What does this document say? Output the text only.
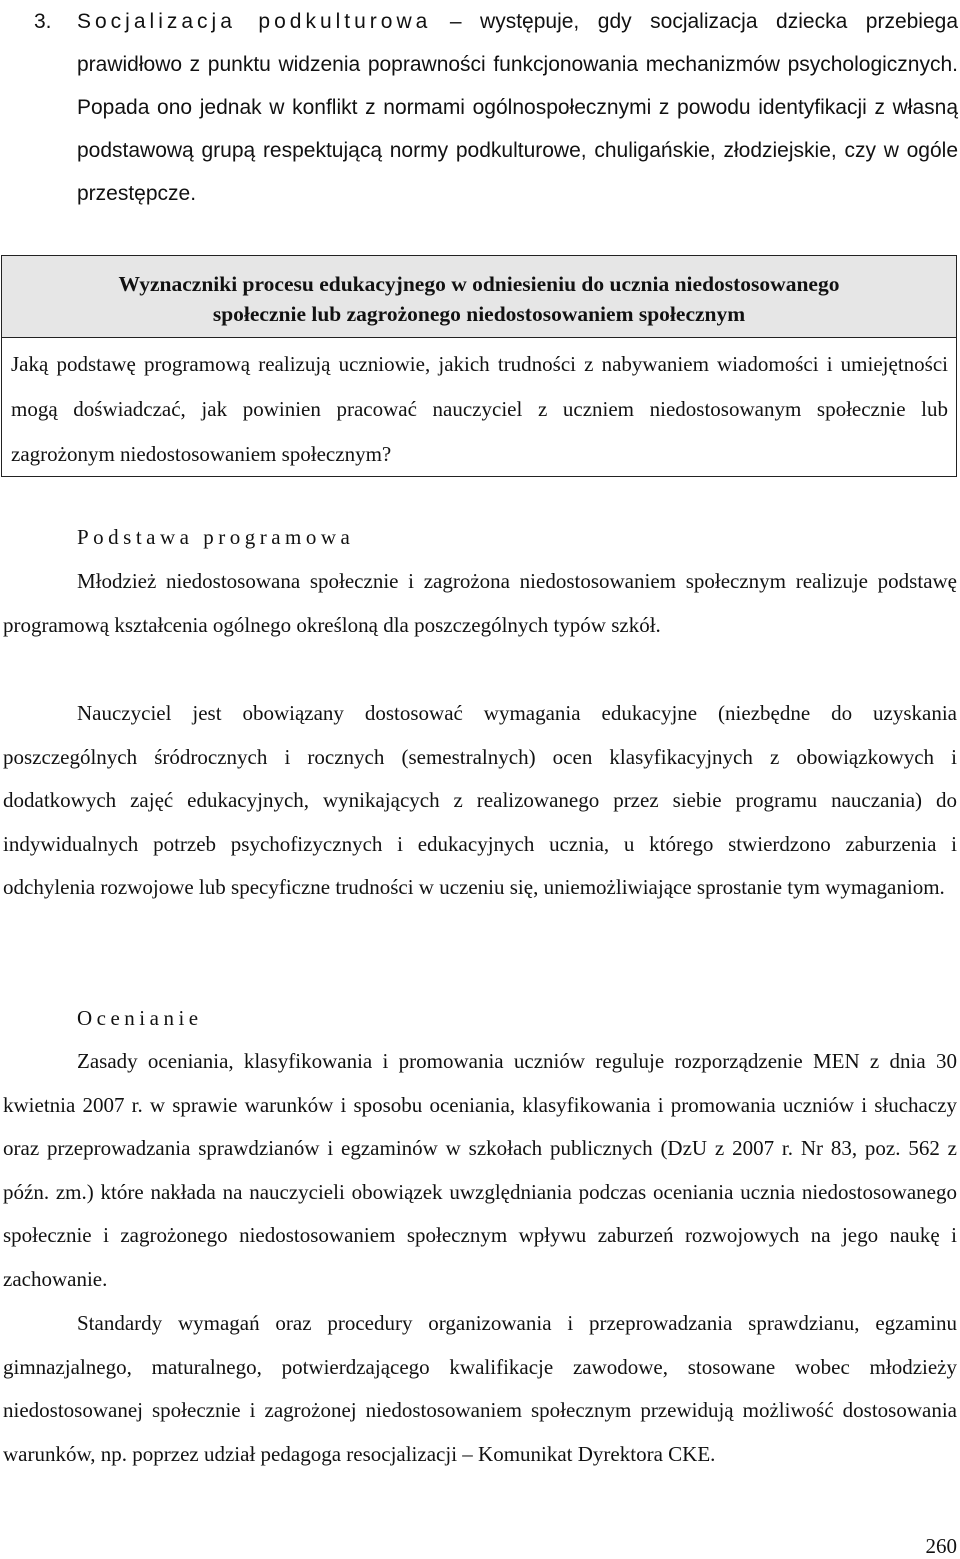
3. Socjalizacja podkulturowa – występuje, gdy socjalizacja dziecka przebiega prawidłowo z punktu widzenia poprawności funkcjonowania mechanizmów psychologicznych. Popada ono jednak w konflikt z normami ogólnospołecznymi z powodu identyfikacji z własną podstawową grupą respektującą normy podkulturowe, chuligańskie, złodziejskie, czy w ogóle przestępcze.
Wyznaczniki procesu edukacyjnego w odniesieniu do ucznia niedostosowanego
społecznie lub zagrożonego niedostosowaniem społecznym
Jaką podstawę programową realizują uczniowie, jakich trudności z nabywaniem wiadomości i umiejętności mogą doświadczać, jak powinien pracować nauczyciel z uczniem niedostosowanym społecznie lub zagrożonym niedostosowaniem społecznym?
Podstawa programowa

Młodzież niedostosowana społecznie i zagrożona niedostosowaniem społecznym realizuje podstawę programową kształcenia ogólnego określoną dla poszczególnych typów szkół.

Nauczyciel jest obowiązany dostosować wymagania edukacyjne (niezbędne do uzyskania poszczególnych śródrocznych i rocznych (semestralnych) ocen klasyfikacyjnych z obowiązkowych i dodatkowych zajęć edukacyjnych, wynikających z realizowanego przez siebie programu nauczania) do indywidualnych potrzeb psychofizycznych i edukacyjnych ucznia, u którego stwierdzono zaburzenia i odchylenia rozwojowe lub specyficzne trudności w uczeniu się, uniemożliwiające sprostanie tym wymaganiom.

Ocenianie

Zasady oceniania, klasyfikowania i promowania uczniów reguluje rozporządzenie MEN z dnia 30 kwietnia 2007 r. w sprawie warunków i sposobu oceniania, klasyfikowania i promowania uczniów i słuchaczy oraz przeprowadzania sprawdzianów i egzaminów w szkołach publicznych (DzU z 2007 r. Nr 83, poz. 562 z późn. zm.) które nakłada na nauczycieli obowiązek uwzględniania podczas oceniania ucznia niedostosowanego społecznie i zagrożonego niedostosowaniem społecznym wpływu zaburzeń rozwojowych na jego naukę i zachowanie.

Standardy wymagań oraz procedury organizowania i przeprowadzania sprawdzianu, egzaminu gimnazjalnego, maturalnego, potwierdzającego kwalifikacje zawodowe, stosowane wobec młodzieży niedostosowanej społecznie i zagrożonej niedostosowaniem społecznym przewidują możliwość dostosowania warunków, np. poprzez udział pedagoga resocjalizacji – Komunikat Dyrektora CKE.

260
